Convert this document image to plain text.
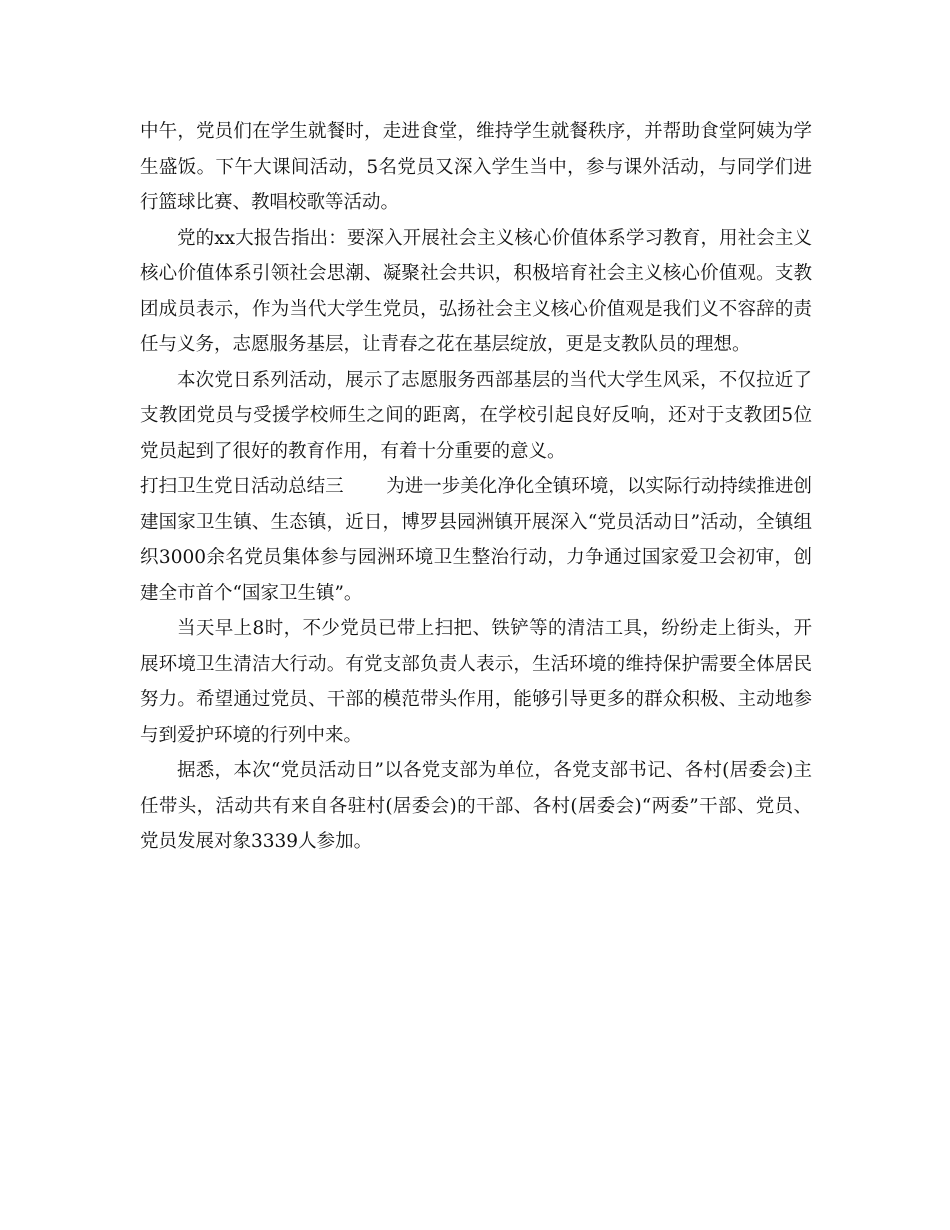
中午，党员们在学生就餐时，走进食堂，维持学生就餐秩序，并帮助食堂阿姨为学生盛饭。下午大课间活动，5名党员又深入学生当中，参与课外活动，与同学们进行篮球比赛、教唱校歌等活动。

党的xx大报告指出：要深入开展社会主义核心价值体系学习教育，用社会主义核心价值体系引领社会思潮、凝聚社会共识，积极培育社会主义核心价值观。支教团成员表示，作为当代大学生党员，弘扬社会主义核心价值观是我们义不容辞的责任与义务，志愿服务基层，让青春之花在基层绽放，更是支教队员的理想。

本次党日系列活动，展示了志愿服务西部基层的当代大学生风采，不仅拉近了支教团党员与受援学校师生之间的距离，在学校引起良好反响，还对于支教团5位党员起到了很好的教育作用，有着十分重要的意义。

打扫卫生党日活动总结三 为进一步美化净化全镇环境，以实际行动持续推进创建国家卫生镇、生态镇，近日，博罗县园洲镇开展深入“党员活动日”活动，全镇组织3000余名党员集体参与园洲环境卫生整治行动，力争通过国家爱卫会初审，创建全市首个“国家卫生镇”。

当天早上8时，不少党员已带上扫把、铁铲等的清洁工具，纷纷走上街头，开展环境卫生清洁大行动。有党支部负责人表示，生活环境的维持保护需要全体居民努力。希望通过党员、干部的模范带头作用，能够引导更多的群众积极、主动地参与到爱护环境的行列中来。

据悉，本次“党员活动日”以各党支部为单位，各党支部书记、各村(居委会)主任带头，活动共有来自各驻村(居委会)的干部、各村(居委会)“两委”干部、党员、党员发展对象3339人参加。
